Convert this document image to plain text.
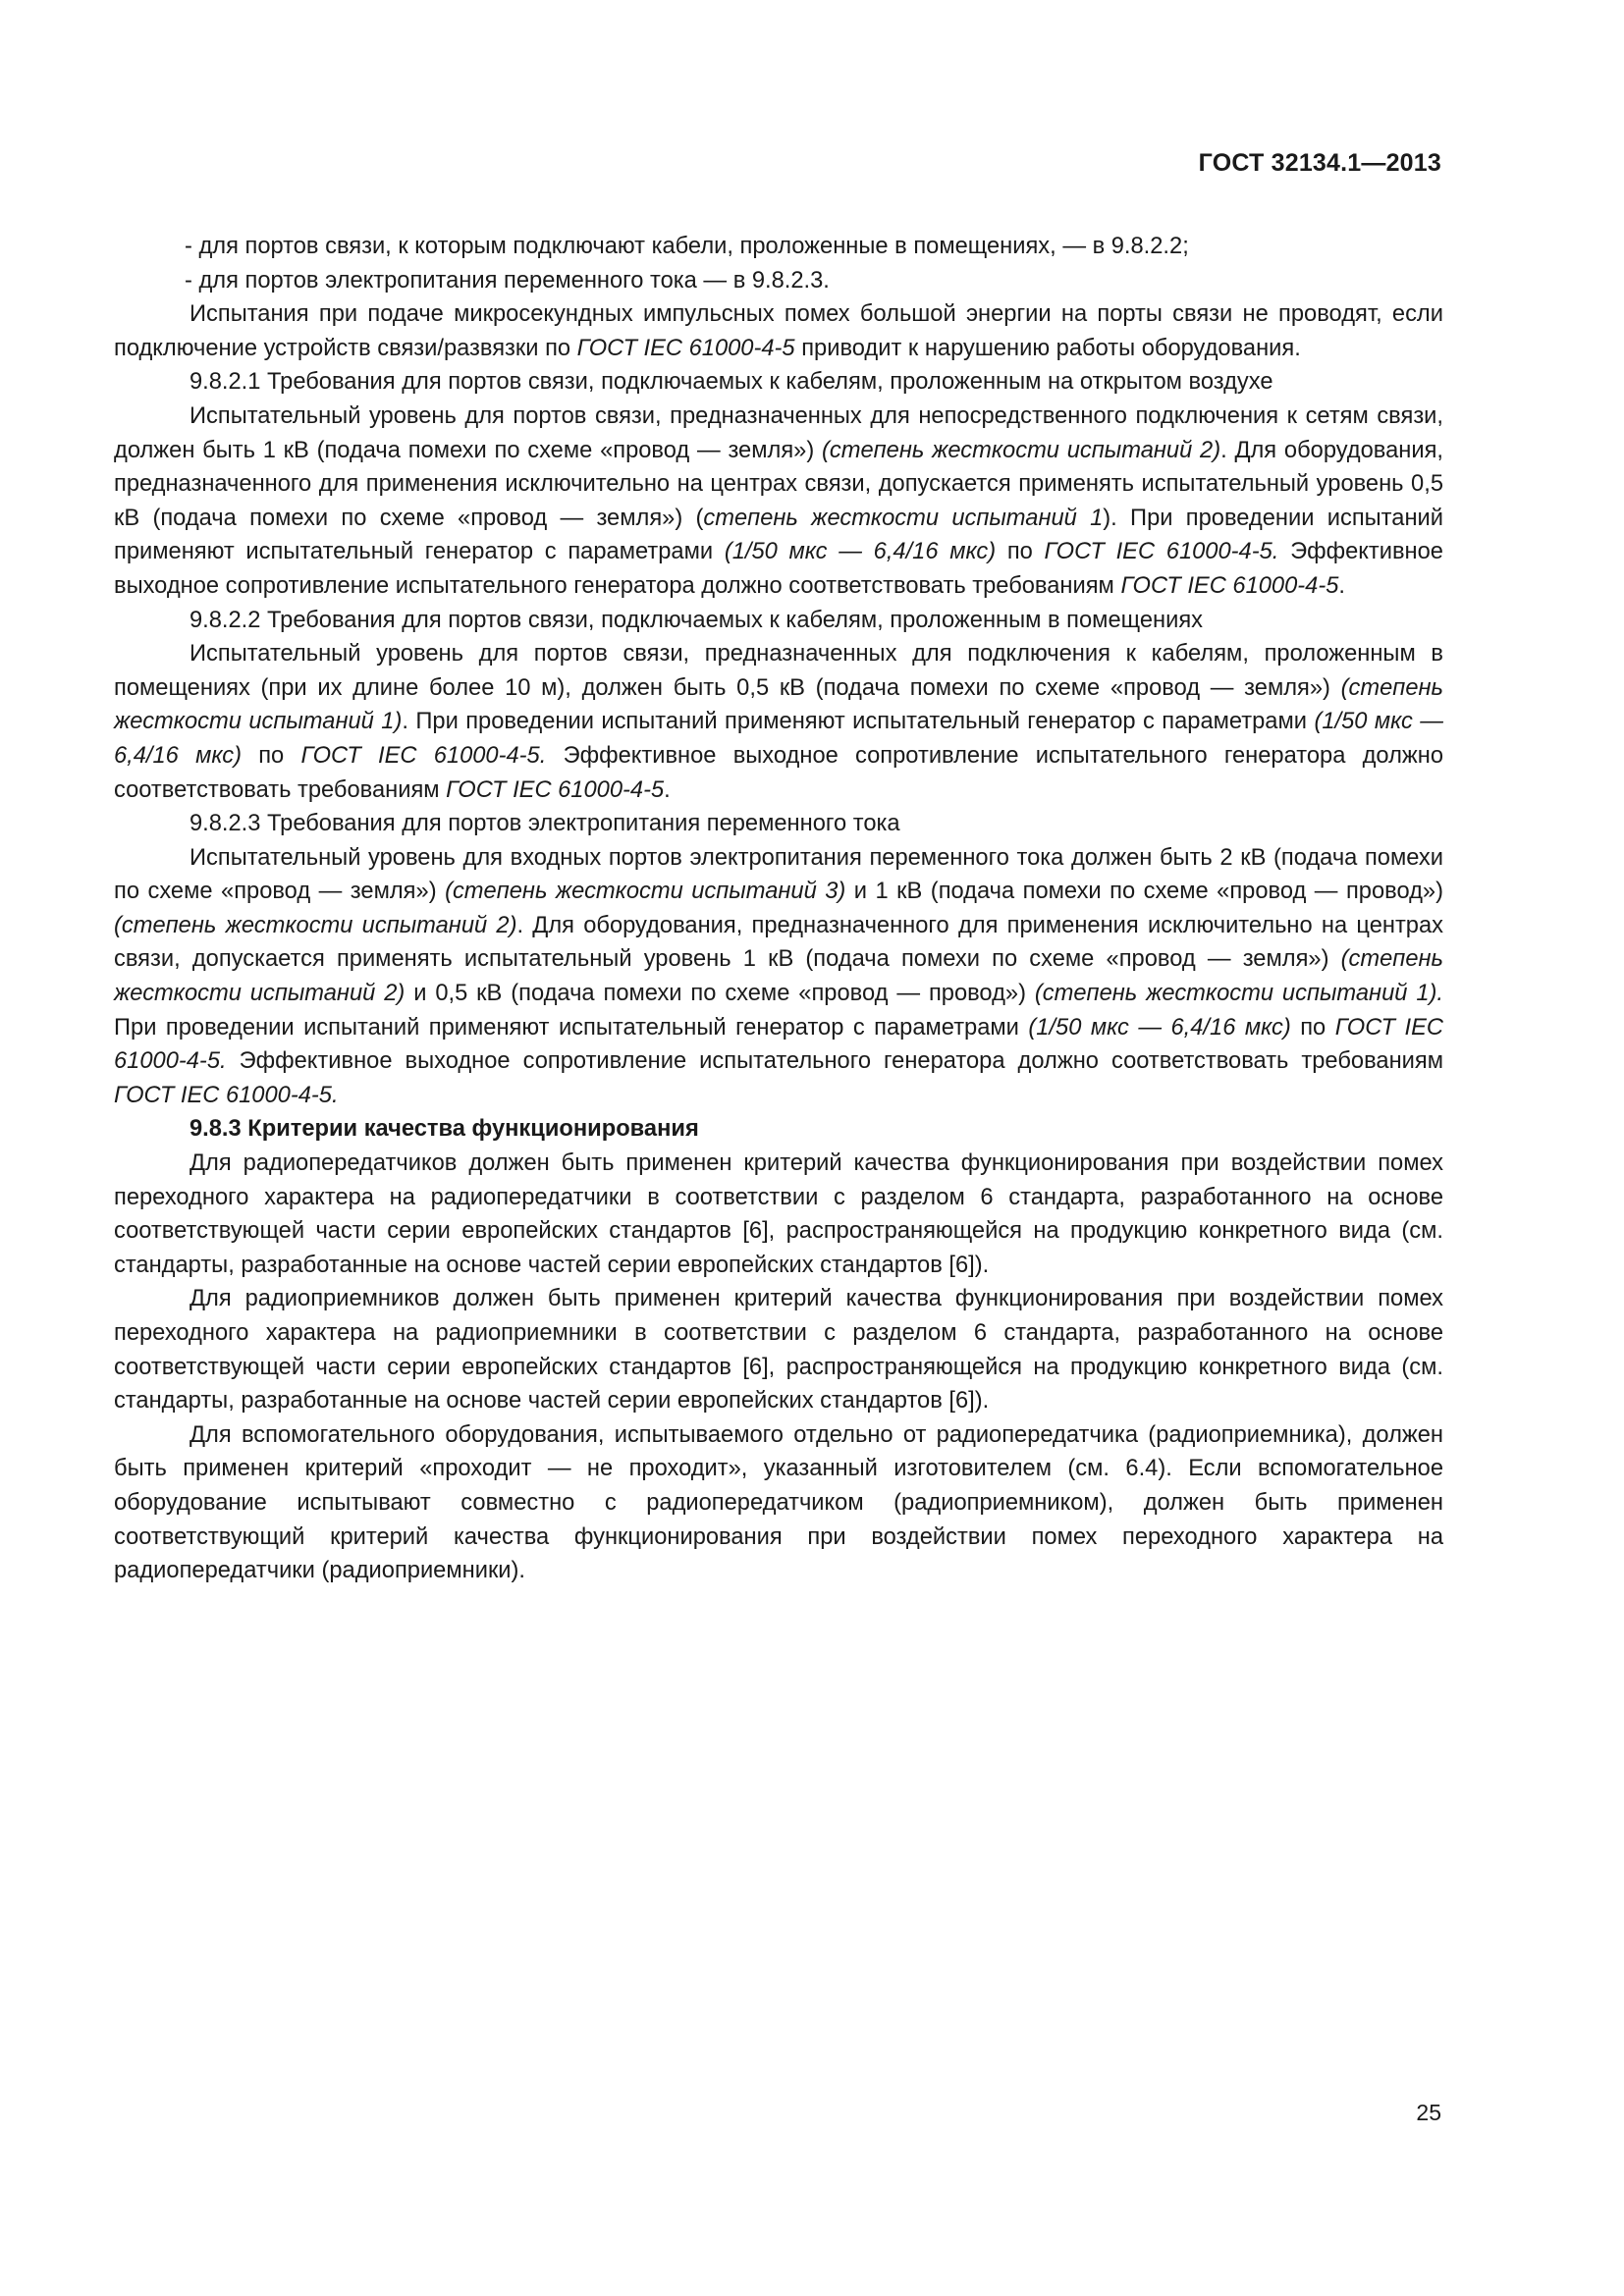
ГОСТ 32134.1—2013

- для портов связи, к которым подключают кабели, проложенные в помещениях, — в 9.8.2.2;

- для портов электропитания переменного тока — в 9.8.2.3.

Испытания при подаче микросекундных импульсных помех большой энергии на порты связи не проводят, если подключение устройств связи/развязки по ГОСТ IEC 61000-4-5 приводит к нарушению работы оборудования.

9.8.2.1 Требования для портов связи, подключаемых к кабелям, проложенным на открытом воздухе

Испытательный уровень для портов связи, предназначенных для непосредственного подключения к сетям связи, должен быть 1 кВ (подача помехи по схеме «провод — земля») (степень жесткости испытаний 2). Для оборудования, предназначенного для применения исключительно на центрах связи, допускается применять испытательный уровень 0,5 кВ (подача помехи по схеме «провод — земля») (степень жесткости испытаний 1). При проведении испытаний применяют испытательный генератор с параметрами (1/50 мкс — 6,4/16 мкс) по ГОСТ IEC 61000-4-5. Эффективное выходное сопротивление испытательного генератора должно соответствовать требованиям ГОСТ IEC 61000-4-5.

9.8.2.2 Требования для портов связи, подключаемых к кабелям, проложенным в помещениях

Испытательный уровень для портов связи, предназначенных для подключения к кабелям, проложенным в помещениях (при их длине более 10 м), должен быть 0,5 кВ (подача помехи по схеме «провод — земля») (степень жесткости испытаний 1). При проведении испытаний применяют испытательный генератор с параметрами (1/50 мкс — 6,4/16 мкс) по ГОСТ IEC 61000-4-5. Эффективное выходное сопротивление испытательного генератора должно соответствовать требованиям ГОСТ IEC 61000-4-5.

9.8.2.3 Требования для портов электропитания переменного тока

Испытательный уровень для входных портов электропитания переменного тока должен быть 2 кВ (подача помехи по схеме «провод — земля») (степень жесткости испытаний 3) и 1 кВ (подача помехи по схеме «провод — провод») (степень жесткости испытаний 2). Для оборудования, предназначенного для применения исключительно на центрах связи, допускается применять испытательный уровень 1 кВ (подача помехи по схеме «провод — земля») (степень жесткости испытаний 2) и 0,5 кВ (подача помехи по схеме «провод — провод») (степень жесткости испытаний 1). При проведении испытаний применяют испытательный генератор с параметрами (1/50 мкс — 6,4/16 мкс) по ГОСТ IEC 61000-4-5. Эффективное выходное сопротивление испытательного генератора должно соответствовать требованиям ГОСТ IEC 61000-4-5.

9.8.3 Критерии качества функционирования

Для радиопередатчиков должен быть применен критерий качества функционирования при воздействии помех переходного характера на радиопередатчики в соответствии с разделом 6 стандарта, разработанного на основе соответствующей части серии европейских стандартов [6], распространяющейся на продукцию конкретного вида (см. стандарты, разработанные на основе частей серии европейских стандартов [6]).

Для радиоприемников должен быть применен критерий качества функционирования при воздействии помех переходного характера на радиоприемники в соответствии с разделом 6 стандарта, разработанного на основе соответствующей части серии европейских стандартов [6], распространяющейся на продукцию конкретного вида (см. стандарты, разработанные на основе частей серии европейских стандартов [6]).

Для вспомогательного оборудования, испытываемого отдельно от радиопередатчика (радиоприемника), должен быть применен критерий «проходит — не проходит», указанный изготовителем (см. 6.4). Если вспомогательное оборудование испытывают совместно с радиопередатчиком (радиоприемником), должен быть применен соответствующий критерий качества функционирования при воздействии помех переходного характера на радиопередатчики (радиоприемники).

25
